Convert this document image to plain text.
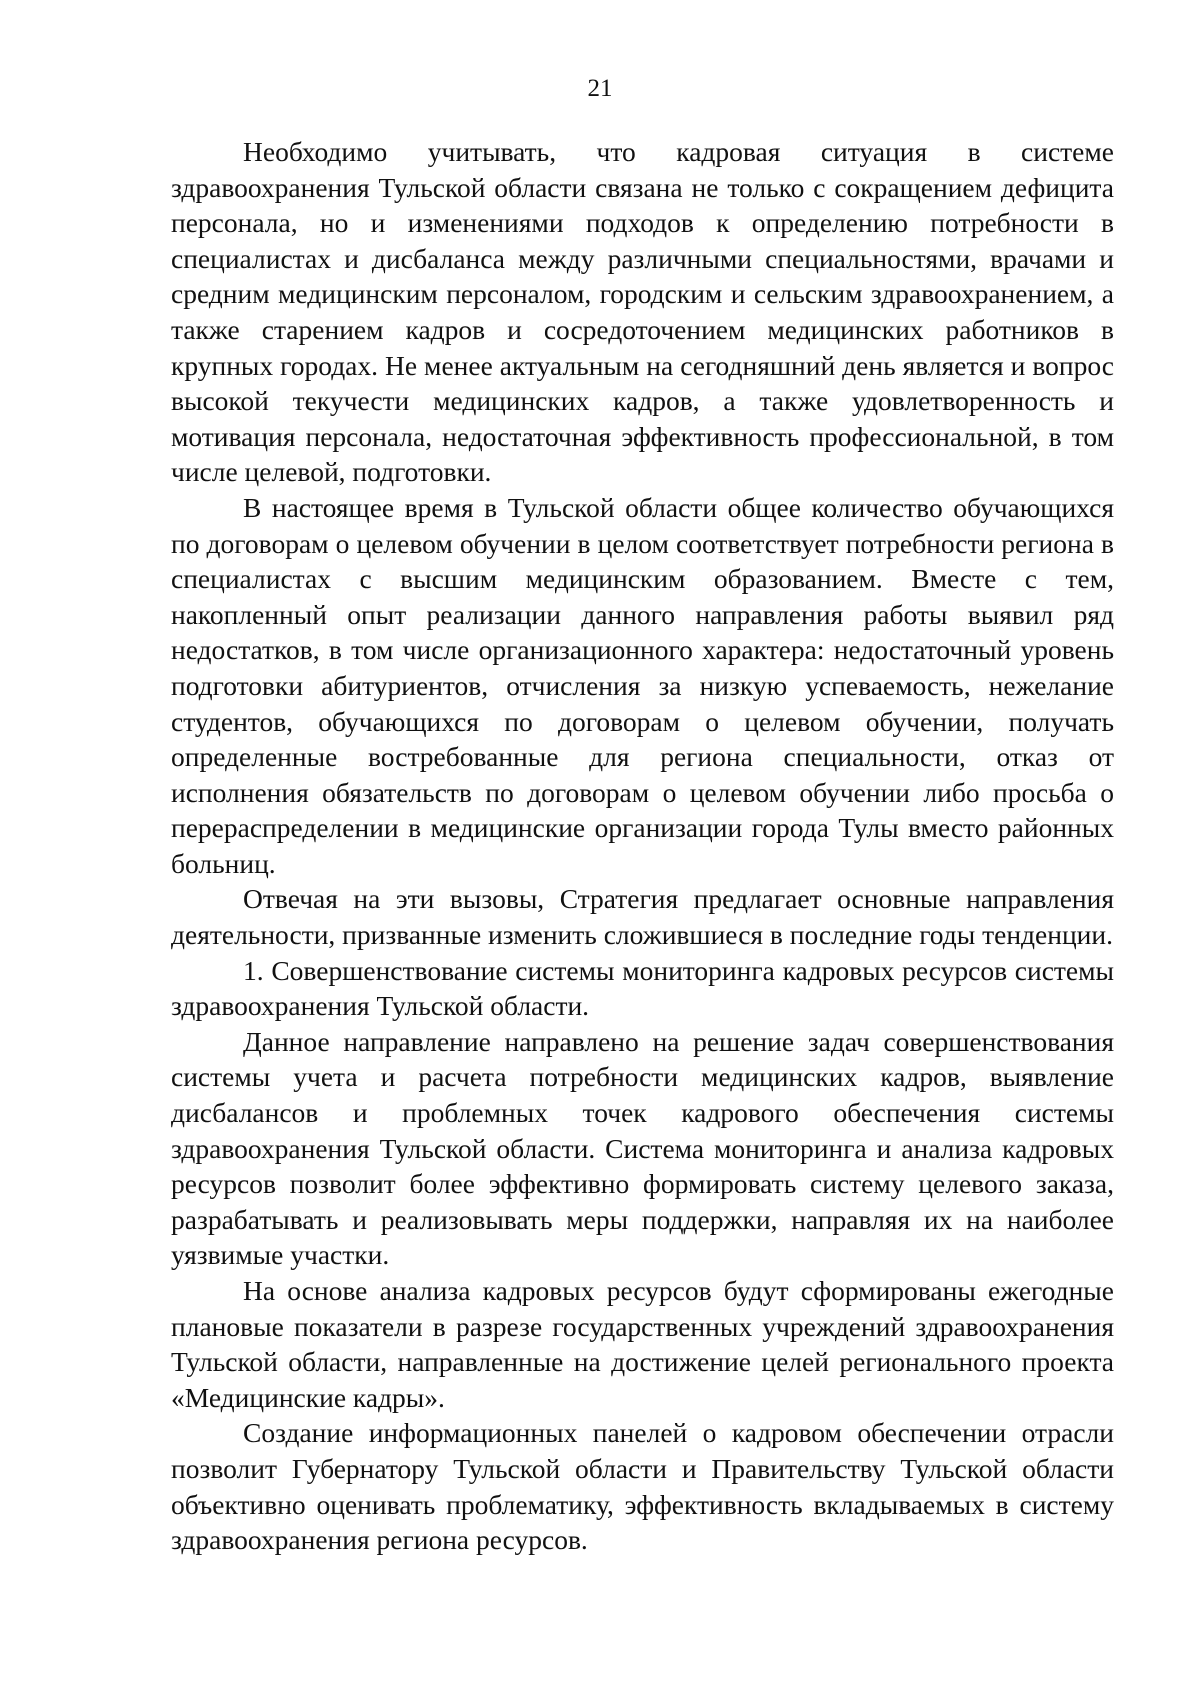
21

Необходимо учитывать, что кадровая ситуация в системе здравоохранения Тульской области связана не только с сокращением дефицита персонала, но и изменениями подходов к определению потребности в специалистах и дисбаланса между различными специальностями, врачами и средним медицинским персоналом, городским и сельским здравоохранением, а также старением кадров и сосредоточением медицинских работников в крупных городах. Не менее актуальным на сегодняшний день является и вопрос высокой текучести медицинских кадров, а также удовлетворенность и мотивация персонала, недостаточная эффективность профессиональной, в том числе целевой, подготовки.

В настоящее время в Тульской области общее количество обучающихся по договорам о целевом обучении в целом соответствует потребности региона в специалистах с высшим медицинским образованием. Вместе с тем, накопленный опыт реализации данного направления работы выявил ряд недостатков, в том числе организационного характера: недостаточный уровень подготовки абитуриентов, отчисления за низкую успеваемость, нежелание студентов, обучающихся по договорам о целевом обучении, получать определенные востребованные для региона специальности, отказ от исполнения обязательств по договорам о целевом обучении либо просьба о перераспределении в медицинские организации города Тулы вместо районных больниц.

Отвечая на эти вызовы, Стратегия предлагает основные направления деятельности, призванные изменить сложившиеся в последние годы тенденции.

1. Совершенствование системы мониторинга кадровых ресурсов системы здравоохранения Тульской области.

Данное направление направлено на решение задач совершенствования системы учета и расчета потребности медицинских кадров, выявление дисбалансов и проблемных точек кадрового обеспечения системы здравоохранения Тульской области. Система мониторинга и анализа кадровых ресурсов позволит более эффективно формировать систему целевого заказа, разрабатывать и реализовывать меры поддержки, направляя их на наиболее уязвимые участки.

На основе анализа кадровых ресурсов будут сформированы ежегодные плановые показатели в разрезе государственных учреждений здравоохранения Тульской области, направленные на достижение целей регионального проекта «Медицинские кадры».

Создание информационных панелей о кадровом обеспечении отрасли позволит Губернатору Тульской области и Правительству Тульской области объективно оценивать проблематику, эффективность вкладываемых в систему здравоохранения региона ресурсов.
